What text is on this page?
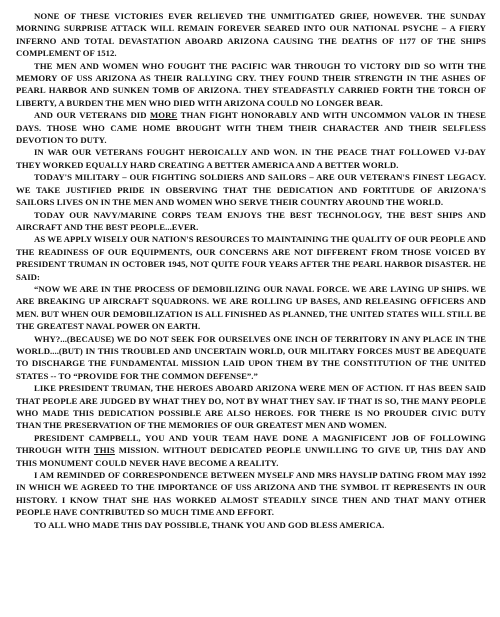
NONE OF THESE VICTORIES EVER RELIEVED THE UNMITIGATED GRIEF, HOWEVER. THE SUNDAY MORNING SURPRISE ATTACK WILL REMAIN FOREVER SEARED INTO OUR NATIONAL PSYCHE – A FIERY INFERNO AND TOTAL DEVASTATION ABOARD ARIZONA CAUSING THE DEATHS OF 1177 OF THE SHIPS COMPLEMENT OF 1512.

THE MEN AND WOMEN WHO FOUGHT THE PACIFIC WAR THROUGH TO VICTORY DID SO WITH THE MEMORY OF USS ARIZONA AS THEIR RALLYING CRY. THEY FOUND THEIR STRENGTH IN THE ASHES OF PEARL HARBOR AND SUNKEN TOMB OF ARIZONA. THEY STEADFASTLY CARRIED FORTH THE TORCH OF LIBERTY, A BURDEN THE MEN WHO DIED WITH ARIZONA COULD NO LONGER BEAR.

AND OUR VETERANS DID MORE THAN FIGHT HONORABLY AND WITH UNCOMMON VALOR IN THESE DAYS. THOSE WHO CAME HOME BROUGHT WITH THEM THEIR CHARACTER AND THEIR SELFLESS DEVOTION TO DUTY.

IN WAR OUR VETERANS FOUGHT HEROICALLY AND WON. IN THE PEACE THAT FOLLOWED VJ-DAY THEY WORKED EQUALLY HARD CREATING A BETTER AMERICA AND A BETTER WORLD.

TODAY'S MILITARY – OUR FIGHTING SOLDIERS AND SAILORS – ARE OUR VETERAN'S FINEST LEGACY. WE TAKE JUSTIFIED PRIDE IN OBSERVING THAT THE DEDICATION AND FORTITUDE OF ARIZONA'S SAILORS LIVES ON IN THE MEN AND WOMEN WHO SERVE THEIR COUNTRY AROUND THE WORLD.

TODAY OUR NAVY/MARINE CORPS TEAM ENJOYS THE BEST TECHNOLOGY, THE BEST SHIPS AND AIRCRAFT AND THE BEST PEOPLE...EVER.

AS WE APPLY WISELY OUR NATION'S RESOURCES TO MAINTAINING THE QUALITY OF OUR PEOPLE AND THE READINESS OF OUR EQUIPMENTS, OUR CONCERNS ARE NOT DIFFERENT FROM THOSE VOICED BY PRESIDENT TRUMAN IN OCTOBER 1945, NOT QUITE FOUR YEARS AFTER THE PEARL HARBOR DISASTER. HE SAID:

“NOW WE ARE IN THE PROCESS OF DEMOBILIZING OUR NAVAL FORCE. WE ARE LAYING UP SHIPS. WE ARE BREAKING UP AIRCRAFT SQUADRONS. WE ARE ROLLING UP BASES, AND RELEASING OFFICERS AND MEN. BUT WHEN OUR DEMOBILIZATION IS ALL FINISHED AS PLANNED, THE UNITED STATES WILL STILL BE THE GREATEST NAVAL POWER ON EARTH.

WHY?...(BECAUSE) WE DO NOT SEEK FOR OURSELVES ONE INCH OF TERRITORY IN ANY PLACE IN THE WORLD....(BUT) IN THIS TROUBLED AND UNCERTAIN WORLD, OUR MILITARY FORCES MUST BE ADEQUATE TO DISCHARGE THE FUNDAMENTAL MISSION LAID UPON THEM BY THE CONSTITUTION OF THE UNITED STATES -- TO “PROVIDE FOR THE COMMON DEFENSE”.”

LIKE PRESIDENT TRUMAN, THE HEROES ABOARD ARIZONA WERE MEN OF ACTION. IT HAS BEEN SAID THAT PEOPLE ARE JUDGED BY WHAT THEY DO, NOT BY WHAT THEY SAY. IF THAT IS SO, THE MANY PEOPLE WHO MADE THIS DEDICATION POSSIBLE ARE ALSO HEROES. FOR THERE IS NO PROUDER CIVIC DUTY THAN THE PRESERVATION OF THE MEMORIES OF OUR GREATEST MEN AND WOMEN.

PRESIDENT CAMPBELL, YOU AND YOUR TEAM HAVE DONE A MAGNIFICENT JOB OF FOLLOWING THROUGH WITH THIS MISSION. WITHOUT DEDICATED PEOPLE UNWILLING TO GIVE UP, THIS DAY AND THIS MONUMENT COULD NEVER HAVE BECOME A REALITY.

I AM REMINDED OF CORRESPONDENCE BETWEEN MYSELF AND MRS HAYSLIP DATING FROM MAY 1992 IN WHICH WE AGREED TO THE IMPORTANCE OF USS ARIZONA AND THE SYMBOL IT REPRESENTS IN OUR HISTORY. I KNOW THAT SHE HAS WORKED ALMOST STEADILY SINCE THEN AND THAT MANY OTHER PEOPLE HAVE CONTRIBUTED SO MUCH TIME AND EFFORT.

TO ALL WHO MADE THIS DAY POSSIBLE, THANK YOU AND GOD BLESS AMERICA.
